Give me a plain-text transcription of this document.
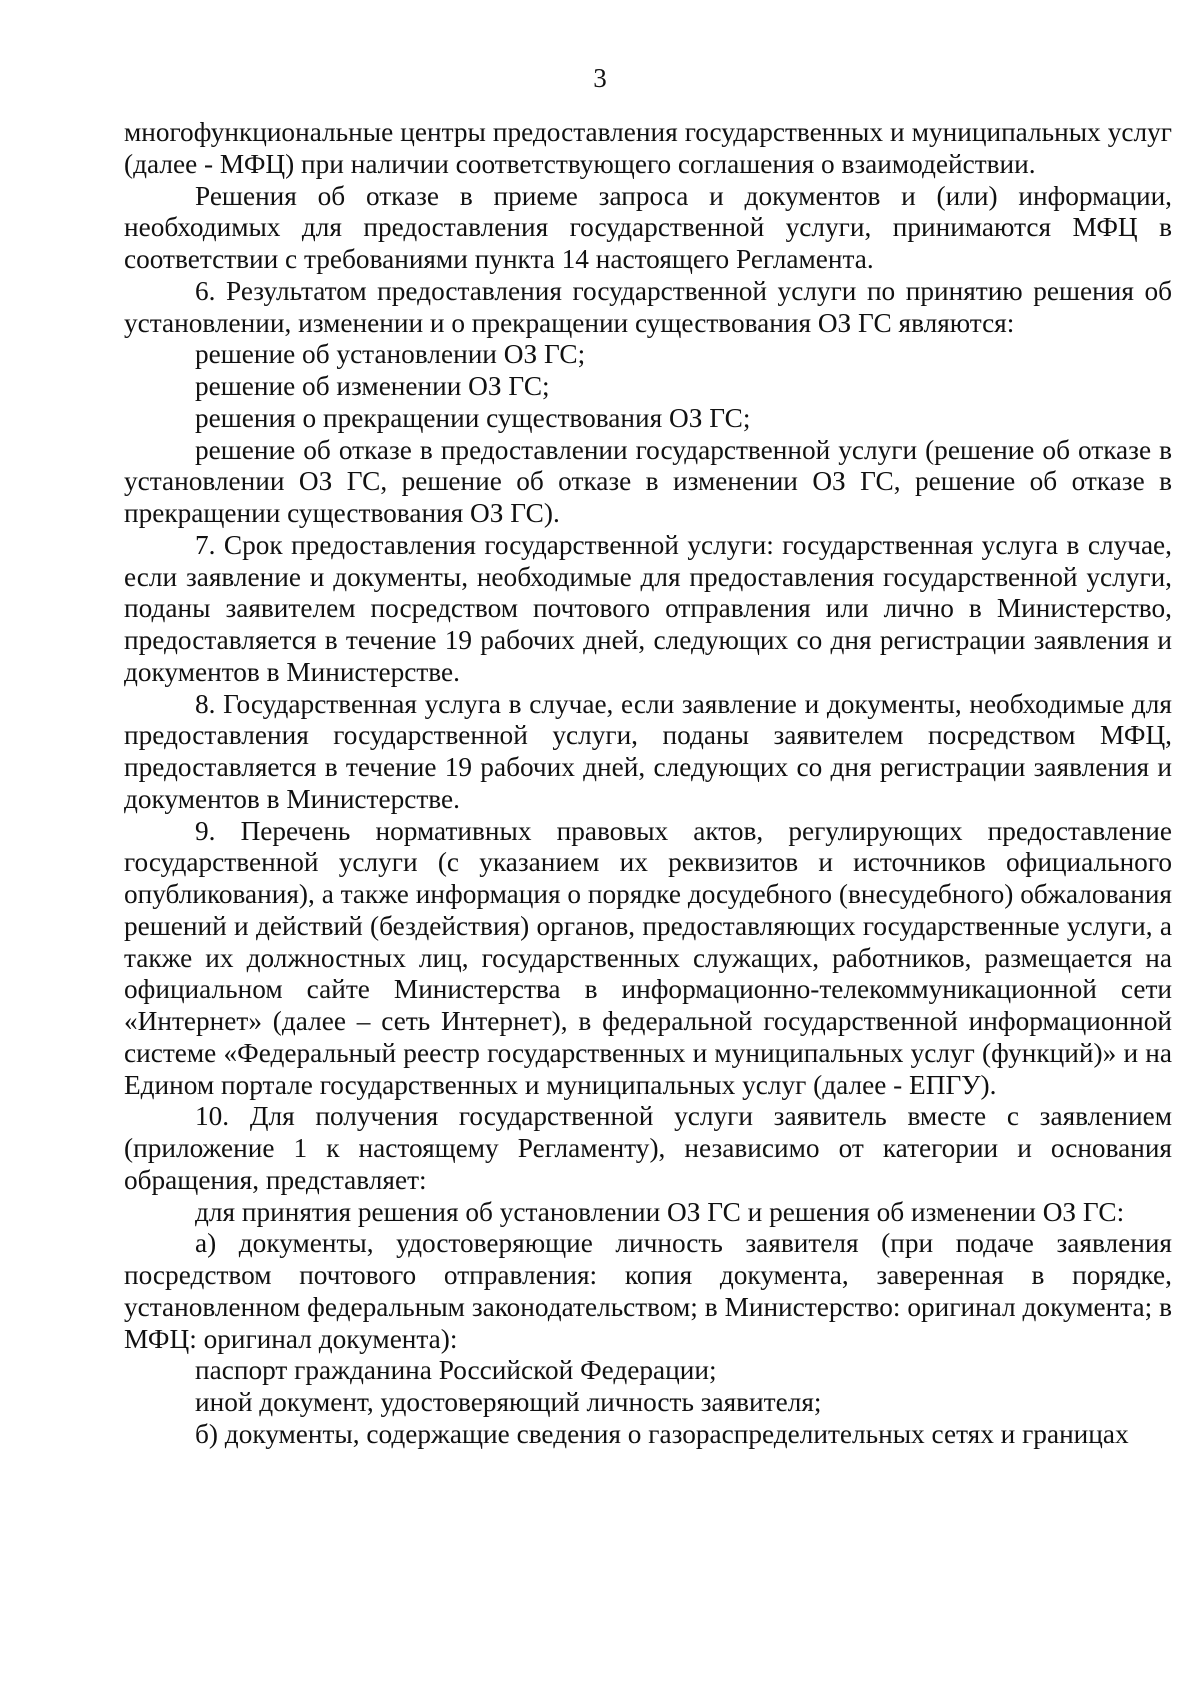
3

многофункциональные центры предоставления государственных и муниципальных услуг (далее - МФЦ) при наличии соответствующего соглашения о взаимодействии.

Решения об отказе в приеме запроса и документов и (или) информации, необходимых для предоставления государственной услуги, принимаются МФЦ в соответствии с требованиями пункта 14 настоящего Регламента.

6. Результатом предоставления государственной услуги по принятию решения об установлении, изменении и о прекращении существования ОЗ ГС являются:

решение об установлении ОЗ ГС;

решение об изменении ОЗ ГС;

решения о прекращении существования ОЗ ГС;

решение об отказе в предоставлении государственной услуги (решение об отказе в установлении ОЗ ГС, решение об отказе в изменении ОЗ ГС, решение об отказе в прекращении существования ОЗ ГС).

7. Срок предоставления государственной услуги: государственная услуга в случае, если заявление и документы, необходимые для предоставления государственной услуги, поданы заявителем посредством почтового отправления или лично в Министерство, предоставляется в течение 19 рабочих дней, следующих со дня регистрации заявления и документов в Министерстве.

8. Государственная услуга в случае, если заявление и документы, необходимые для предоставления государственной услуги, поданы заявителем посредством МФЦ, предоставляется в течение 19 рабочих дней, следующих со дня регистрации заявления и документов в Министерстве.

9. Перечень нормативных правовых актов, регулирующих предоставление государственной услуги (с указанием их реквизитов и источников официального опубликования), а также информация о порядке досудебного (внесудебного) обжалования решений и действий (бездействия) органов, предоставляющих государственные услуги, а также их должностных лиц, государственных служащих, работников, размещается на официальном сайте Министерства в информационно-телекоммуникационной сети «Интернет» (далее – сеть Интернет), в федеральной государственной информационной системе «Федеральный реестр государственных и муниципальных услуг (функций)» и на Едином портале государственных и муниципальных услуг (далее - ЕПГУ).

10. Для получения государственной услуги заявитель вместе с заявлением (приложение 1 к настоящему Регламенту), независимо от категории и основания обращения, представляет:

для принятия решения об установлении ОЗ ГС и решения об изменении ОЗ ГС:

а) документы, удостоверяющие личность заявителя (при подаче заявления посредством почтового отправления: копия документа, заверенная в порядке, установленном федеральным законодательством; в Министерство: оригинал документа; в МФЦ: оригинал документа):

паспорт гражданина Российской Федерации;

иной документ, удостоверяющий личность заявителя;

б) документы, содержащие сведения о газораспределительных сетях и границах
